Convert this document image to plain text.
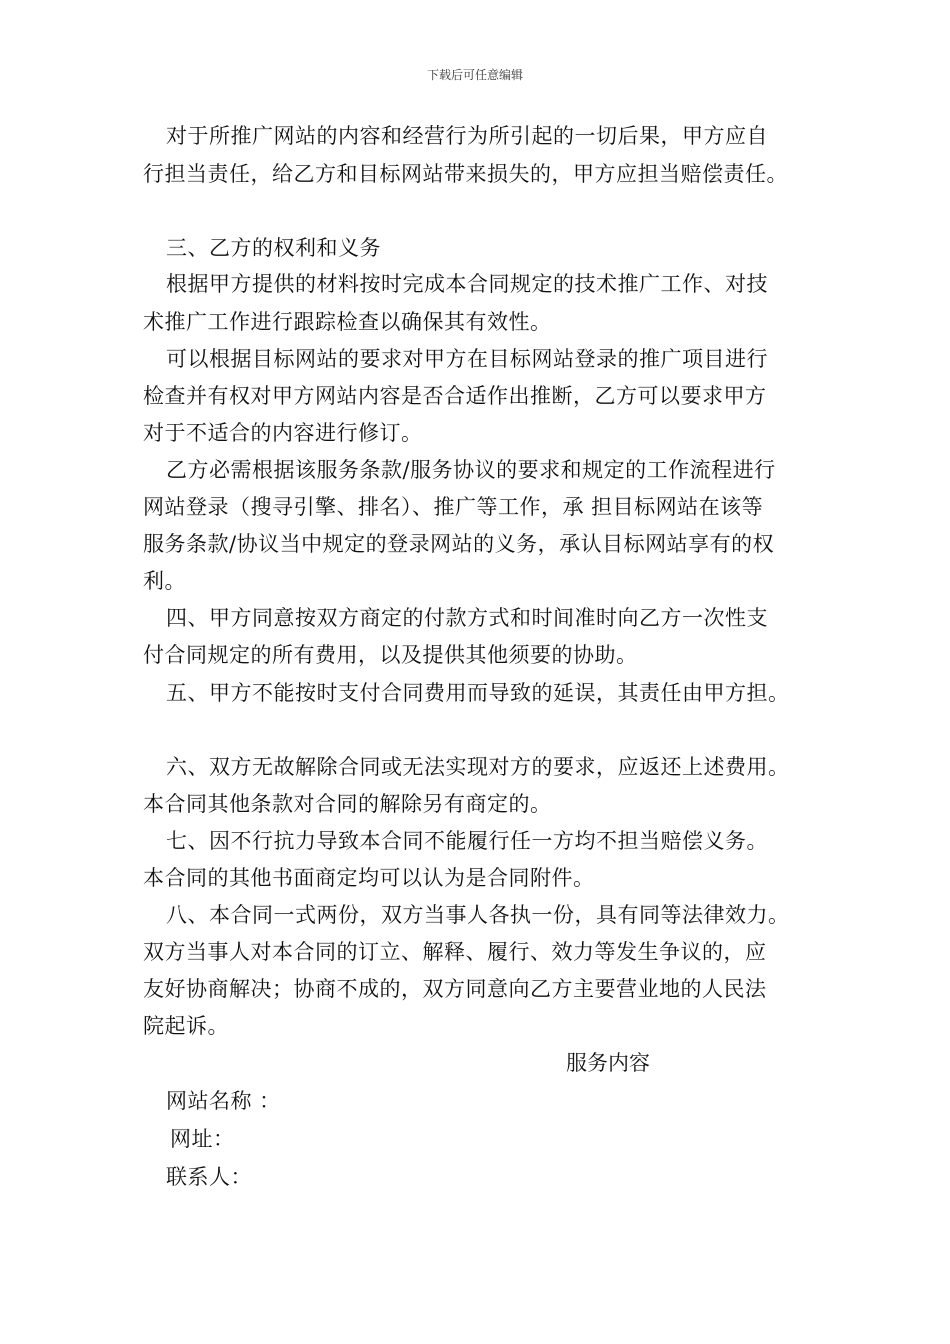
下载后可任意编辑
对于所推广网站的内容和经营行为所引起的一切后果，甲方应自
行担当责任，给乙方和目标网站带来损失的，甲方应担当赔偿责任。
三、乙方的权利和义务
根据甲方提供的材料按时完成本合同规定的技术推广工作、对技
术推广工作进行跟踪检查以确保其有效性。
可以根据目标网站的要求对甲方在目标网站登录的推广项目进行
检查并有权对甲方网站内容是否合适作出推断，乙方可以要求甲方
对于不适合的内容进行修订。
乙方必需根据该服务条款/服务协议的要求和规定的工作流程进行
网站登录（搜寻引擎、排名）、推广等工作，承 担目标网站在该等
服务条款/协议当中规定的登录网站的义务，承认目标网站享有的权
利。
四、甲方同意按双方商定的付款方式和时间准时向乙方一次性支
付合同规定的所有费用，以及提供其他须要的协助。
五、甲方不能按时支付合同费用而导致的延误，其责任由甲方担。
六、双方无故解除合同或无法实现对方的要求，应返还上述费用。
本合同其他条款对合同的解除另有商定的。
七、因不行抗力导致本合同不能履行任一方均不担当赔偿义务。
本合同的其他书面商定均可以认为是合同附件。
八、本合同一式两份，双方当事人各执一份，具有同等法律效力。
双方当事人对本合同的订立、解释、履行、效力等发生争议的，应
友好协商解决；协商不成的，双方同意向乙方主要营业地的人民法
院起诉。
服务内容
网站名称 ：
网址：
联系人：
